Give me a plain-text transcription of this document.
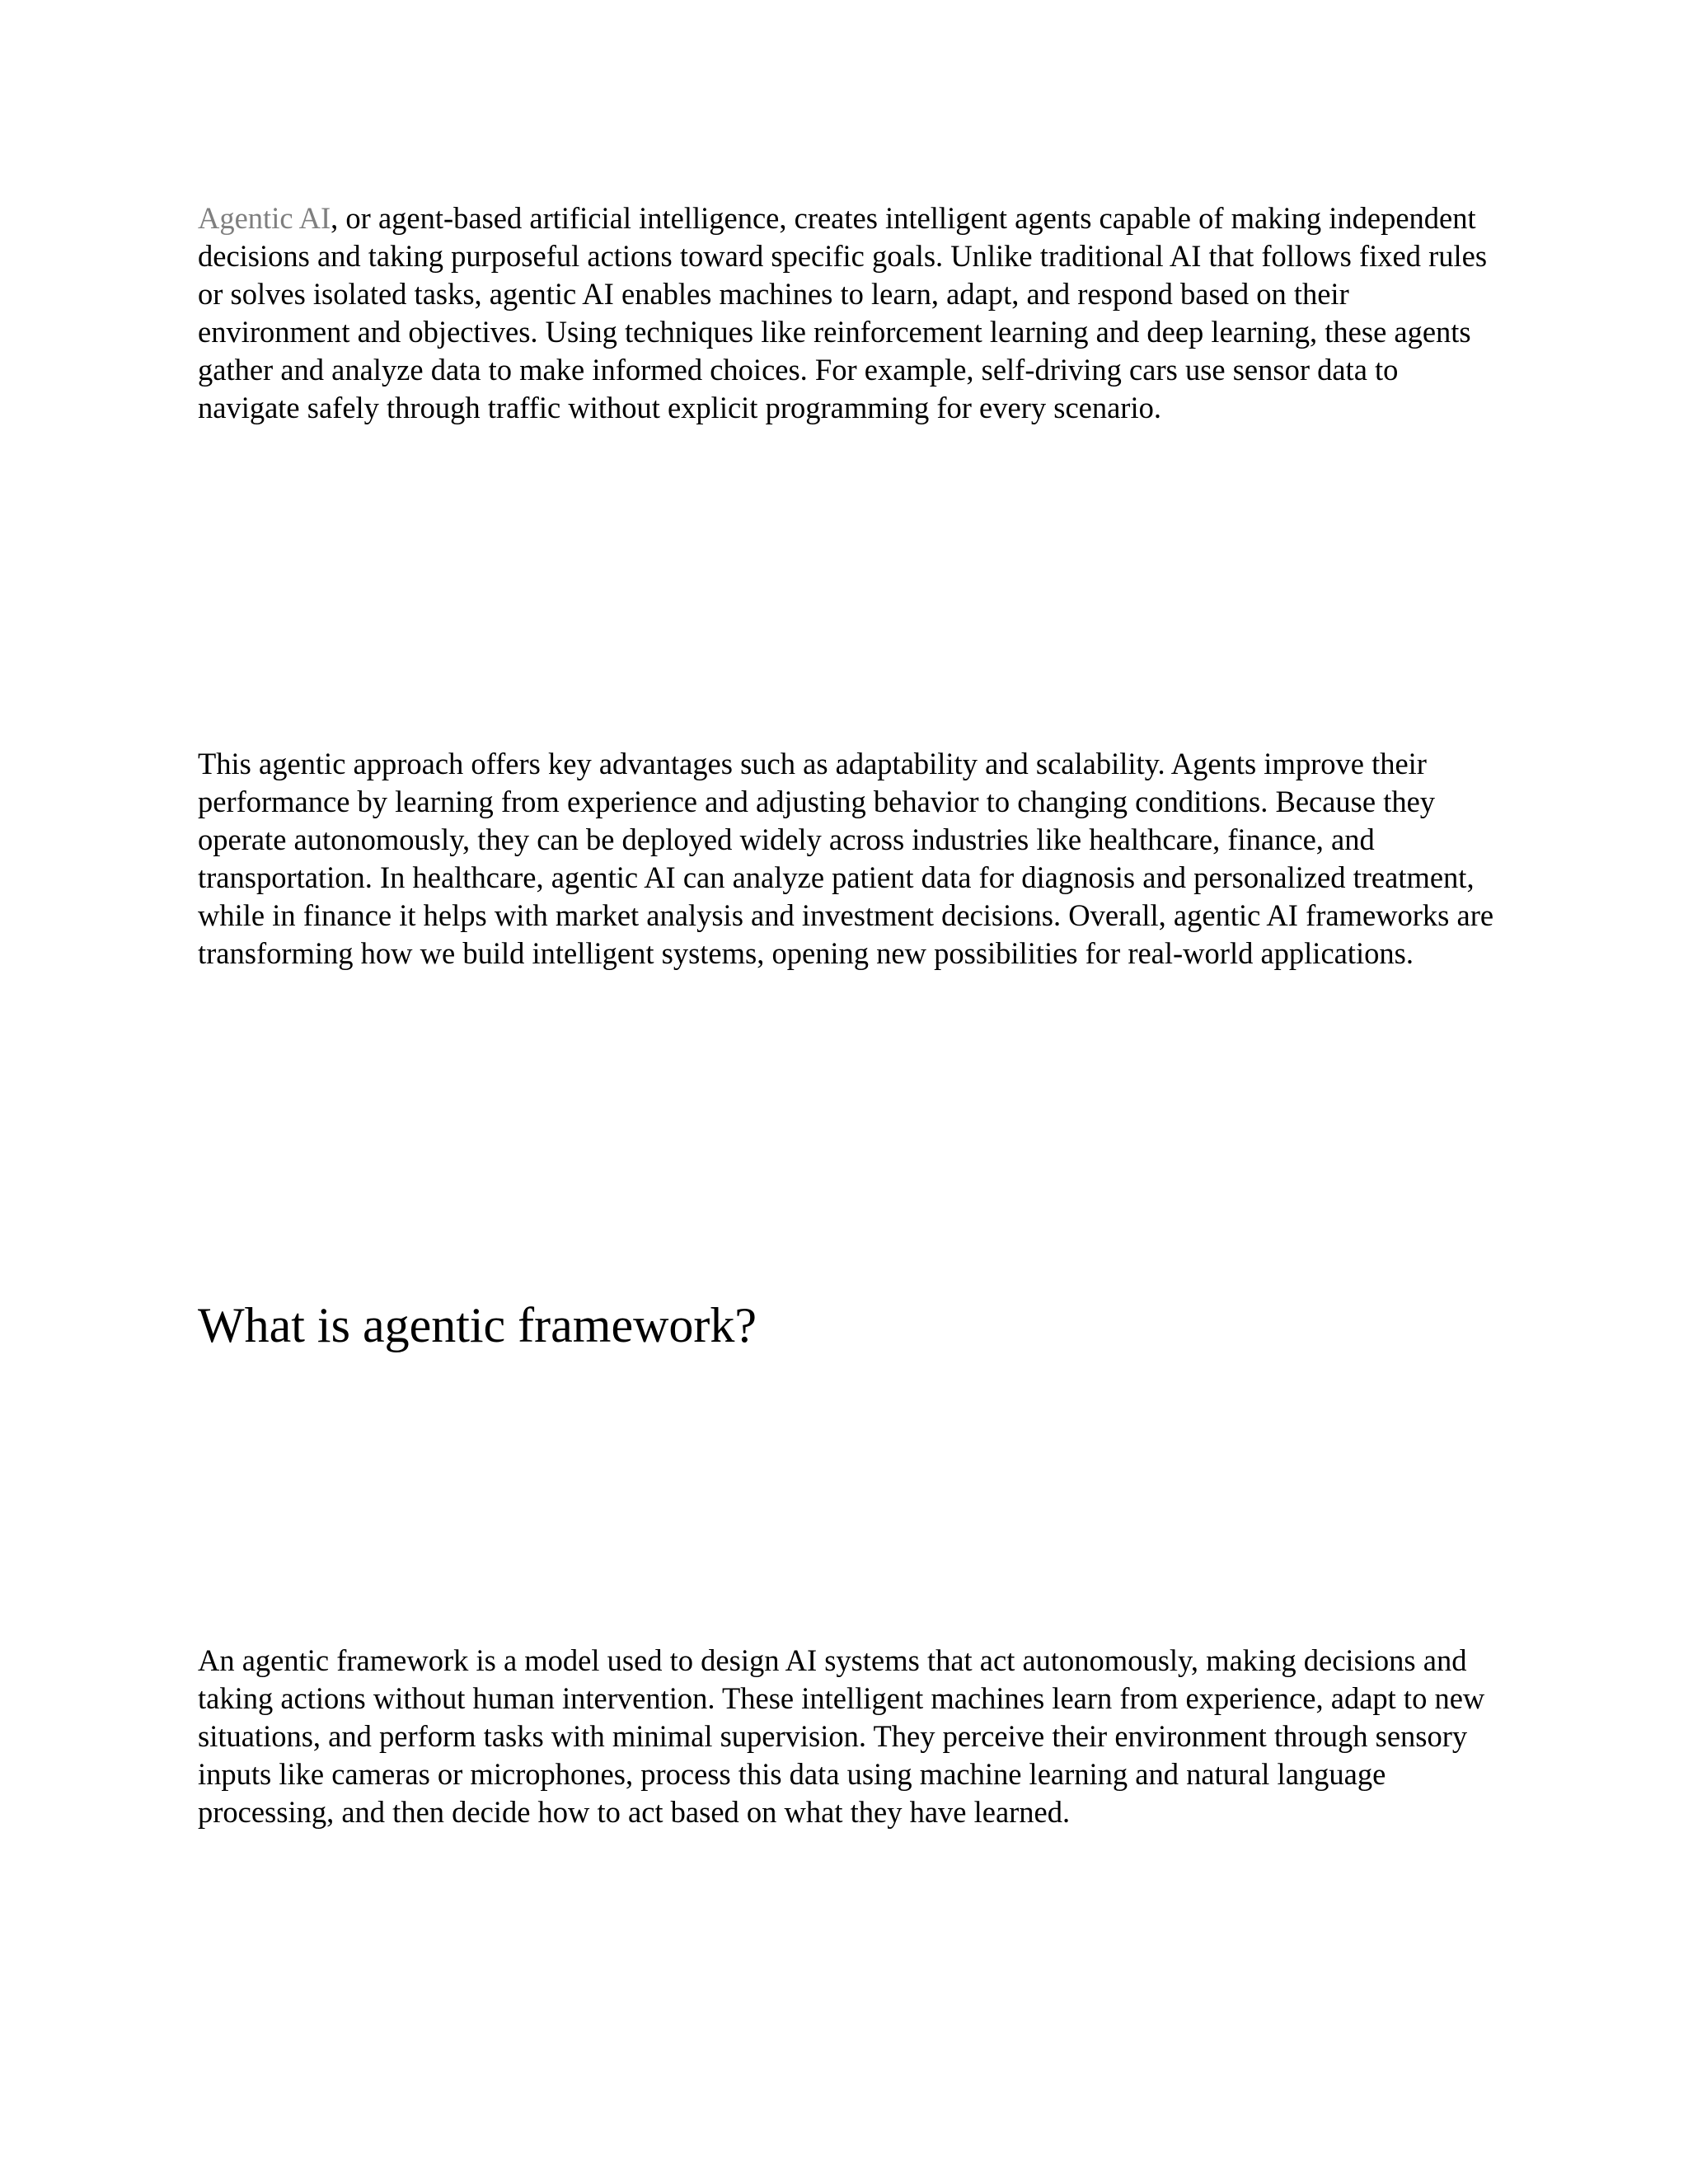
Agentic AI, or agent-based artificial intelligence, creates intelligent agents capable of making independent decisions and taking purposeful actions toward specific goals. Unlike traditional AI that follows fixed rules or solves isolated tasks, agentic AI enables machines to learn, adapt, and respond based on their environment and objectives. Using techniques like reinforcement learning and deep learning, these agents gather and analyze data to make informed choices. For example, self-driving cars use sensor data to navigate safely through traffic without explicit programming for every scenario.

This agentic approach offers key advantages such as adaptability and scalability. Agents improve their performance by learning from experience and adjusting behavior to changing conditions. Because they operate autonomously, they can be deployed widely across industries like healthcare, finance, and transportation. In healthcare, agentic AI can analyze patient data for diagnosis and personalized treatment, while in finance it helps with market analysis and investment decisions. Overall, agentic AI frameworks are transforming how we build intelligent systems, opening new possibilities for real-world applications.

What is agentic framework?

An agentic framework is a model used to design AI systems that act autonomously, making decisions and taking actions without human intervention. These intelligent machines learn from experience, adapt to new situations, and perform tasks with minimal supervision. They perceive their environment through sensory inputs like cameras or microphones, process this data using machine learning and natural language processing, and then decide how to act based on what they have learned.
